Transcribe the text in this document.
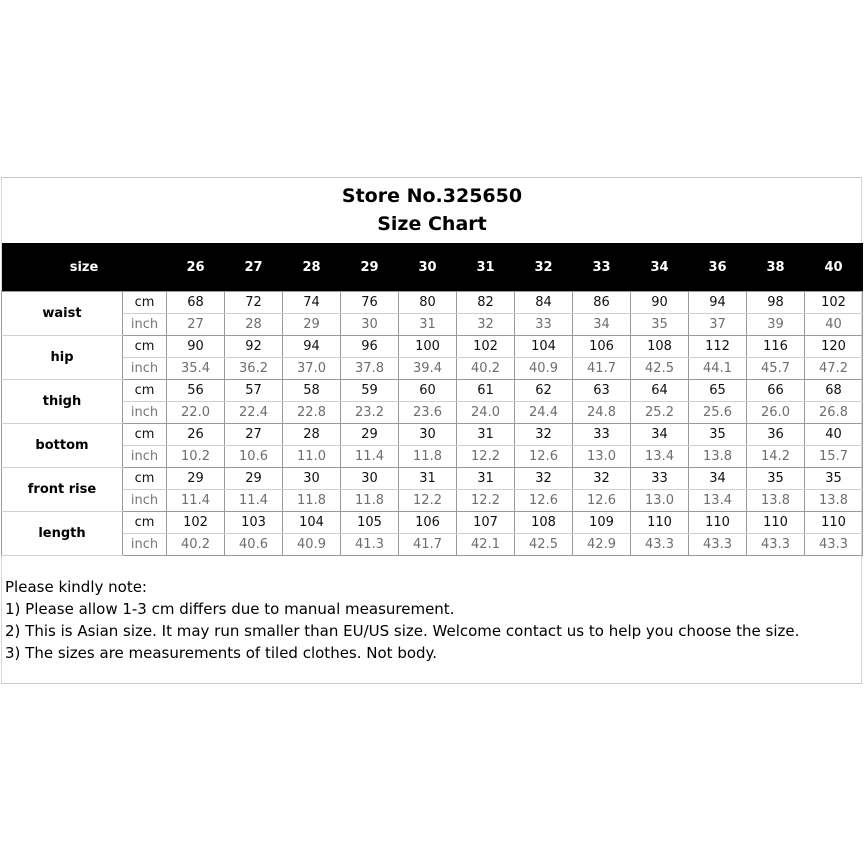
Store No.325650
Size Chart
size		26	27	28	29	30	31	32	33	34	36	38	40
waist	cm	68	72	74	76	80	82	84	86	90	94	98	102
	inch	27	28	29	30	31	32	33	34	35	37	39	40
hip	cm	90	92	94	96	100	102	104	106	108	112	116	120
	inch	35.4	36.2	37.0	37.8	39.4	40.2	40.9	41.7	42.5	44.1	45.7	47.2
thigh	cm	56	57	58	59	60	61	62	63	64	65	66	68
	inch	22.0	22.4	22.8	23.2	23.6	24.0	24.4	24.8	25.2	25.6	26.0	26.8
bottom	cm	26	27	28	29	30	31	32	33	34	35	36	40
	inch	10.2	10.6	11.0	11.4	11.8	12.2	12.6	13.0	13.4	13.8	14.2	15.7
front rise	cm	29	29	30	30	31	31	32	32	33	34	35	35
	inch	11.4	11.4	11.8	11.8	12.2	12.2	12.6	12.6	13.0	13.4	13.8	13.8
length	cm	102	103	104	105	106	107	108	109	110	110	110	110
	inch	40.2	40.6	40.9	41.3	41.7	42.1	42.5	42.9	43.3	43.3	43.3	43.3
Please kindly note:
1) Please allow 1-3 cm differs due to manual measurement.
2) This is Asian size. It may run smaller than EU/US size. Welcome contact us to help you choose the size.
3) The sizes are measurements of tiled clothes. Not body.
